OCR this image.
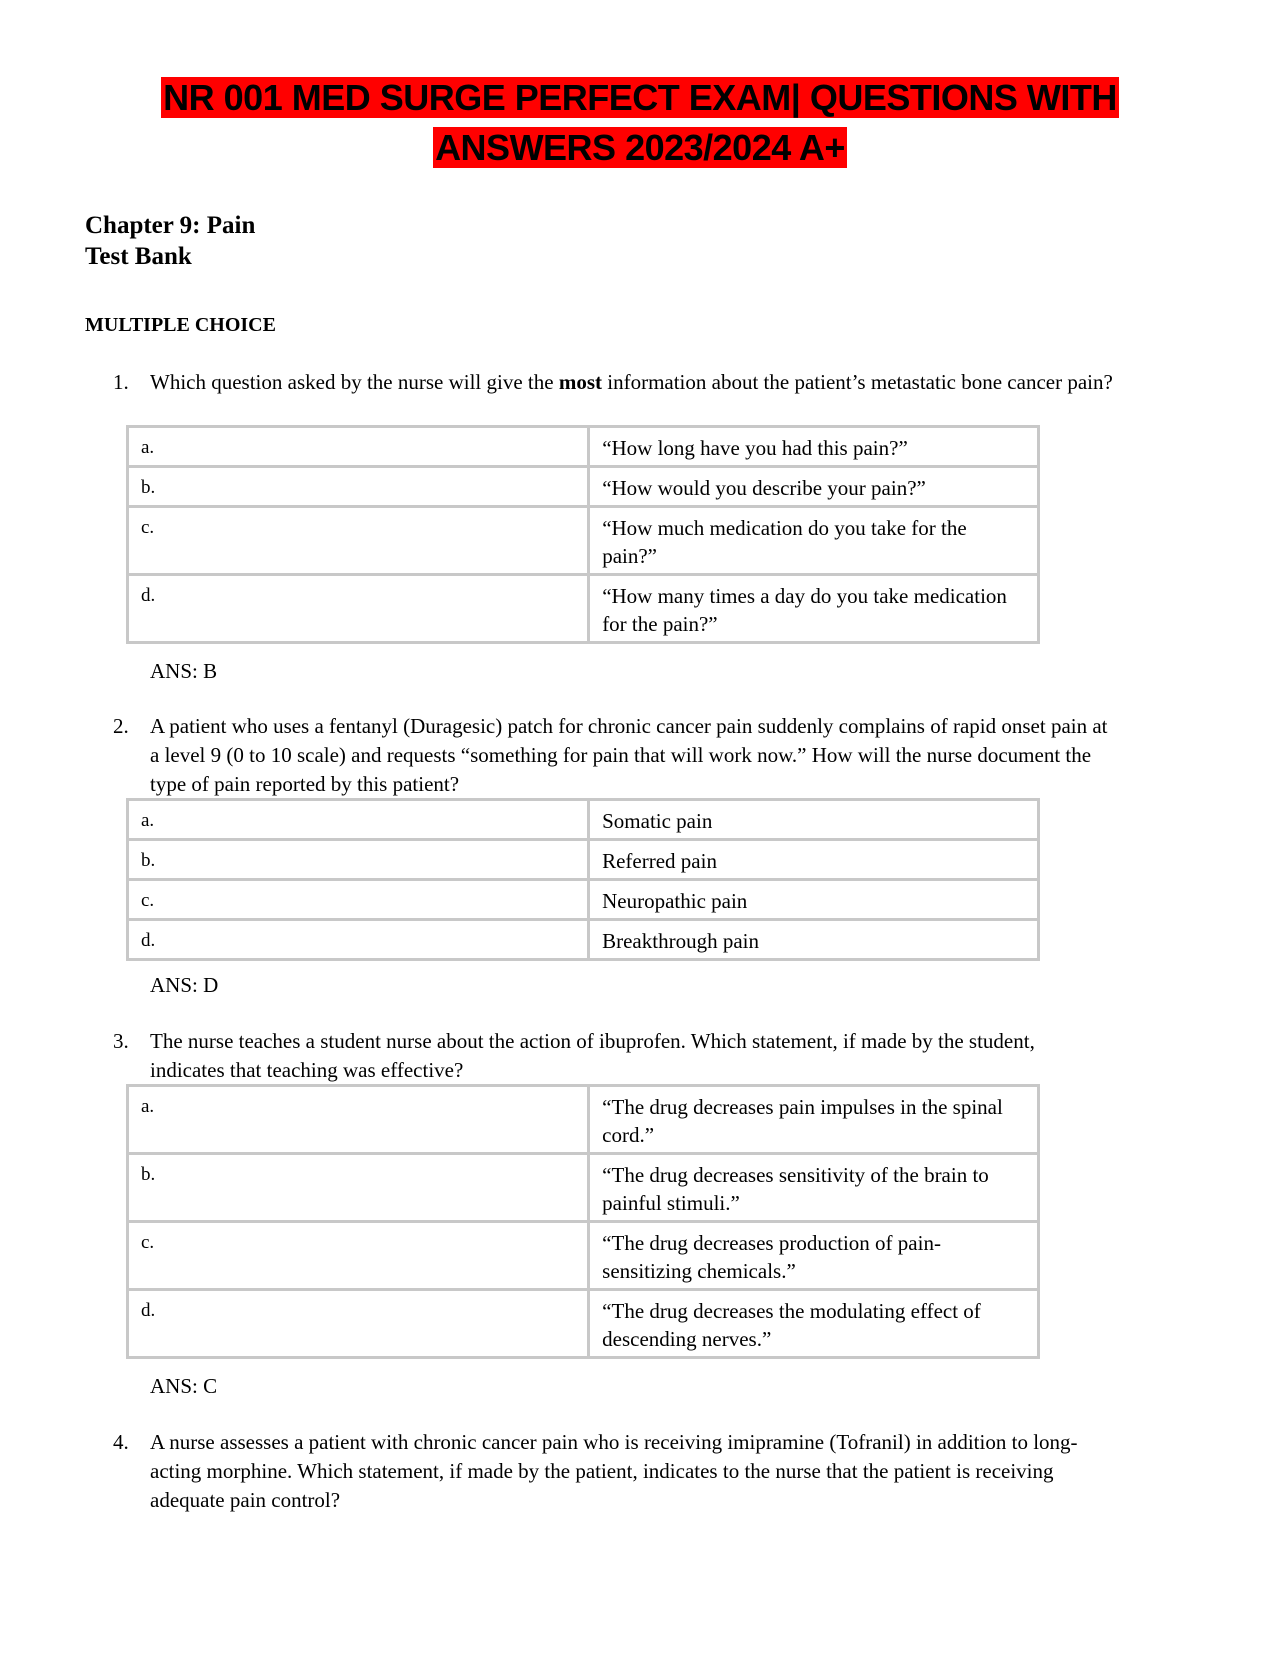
NR 001 MED SURGE PERFECT EXAM| QUESTIONS WITH
ANSWERS 2023/2024 A+
Chapter 9: Pain
Test Bank
MULTIPLE CHOICE
1. Which question asked by the nurse will give the most information about the patient’s metastatic bone cancer pain?
a.	“How long have you had this pain?”
b.	“How would you describe your pain?”
c.	“How much medication do you take for the pain?”
d.	“How many times a day do you take medication for the pain?”
ANS: B
2. A patient who uses a fentanyl (Duragesic) patch for chronic cancer pain suddenly complains of rapid onset pain at a level 9 (0 to 10 scale) and requests “something for pain that will work now.” How will the nurse document the type of pain reported by this patient?
a.	Somatic pain
b.	Referred pain
c.	Neuropathic pain
d.	Breakthrough pain
ANS: D
3. The nurse teaches a student nurse about the action of ibuprofen. Which statement, if made by the student, indicates that teaching was effective?
a.	“The drug decreases pain impulses in the spinal cord.”
b.	“The drug decreases sensitivity of the brain to painful stimuli.”
c.	“The drug decreases production of pain-sensitizing chemicals.”
d.	“The drug decreases the modulating effect of descending nerves.”
ANS: C
4. A nurse assesses a patient with chronic cancer pain who is receiving imipramine (Tofranil) in addition to long-acting morphine. Which statement, if made by the patient, indicates to the nurse that the patient is receiving adequate pain control?
